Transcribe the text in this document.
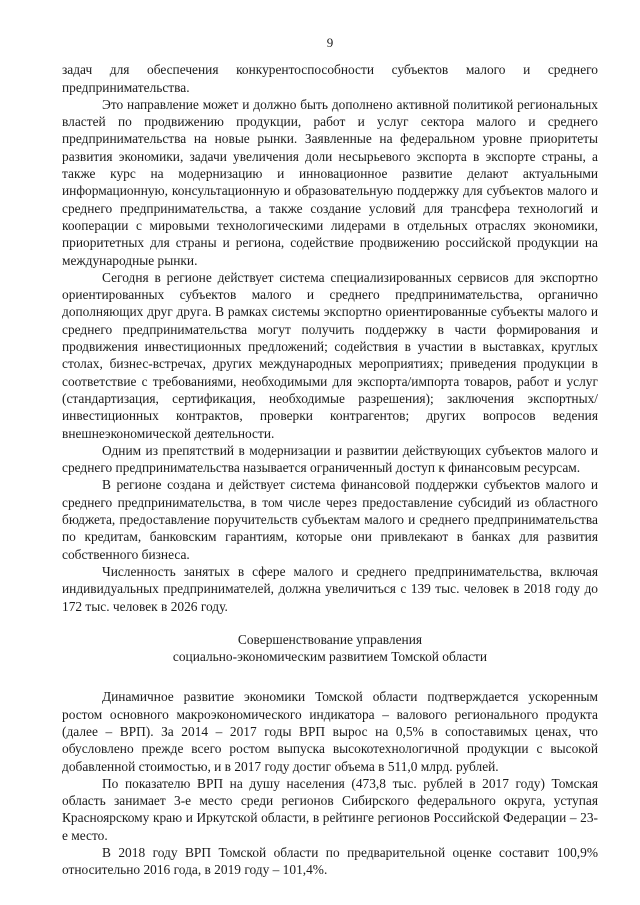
9

задач для обеспечения конкурентоспособности субъектов малого и среднего предпринимательства.

Это направление может и должно быть дополнено активной политикой региональных властей по продвижению продукции, работ и услуг сектора малого и среднего предпринимательства на новые рынки. Заявленные на федеральном уровне приоритеты развития экономики, задачи увеличения доли несырьевого экспорта в экспорте страны, а также курс на модернизацию и инновационное развитие делают актуальными информационную, консультационную и образовательную поддержку для субъектов малого и среднего предпринимательства, а также создание условий для трансфера технологий и кооперации с мировыми технологическими лидерами в отдельных отраслях экономики, приоритетных для страны и региона, содействие продвижению российской продукции на международные рынки.

Сегодня в регионе действует система специализированных сервисов для экспортно ориентированных субъектов малого и среднего предпринимательства, органично дополняющих друг друга. В рамках системы экспортно ориентированные субъекты малого и среднего предпринимательства могут получить поддержку в части формирования и продвижения инвестиционных предложений; содействия в участии в выставках, круглых столах, бизнес-встречах, других международных мероприятиях; приведения продукции в соответствие с требованиями, необходимыми для экспорта/импорта товаров, работ и услуг (стандартизация, сертификация, необходимые разрешения); заключения экспортных/инвестиционных контрактов, проверки контрагентов; других вопросов ведения внешнеэкономической деятельности.

Одним из препятствий в модернизации и развитии действующих субъектов малого и среднего предпринимательства называется ограниченный доступ к финансовым ресурсам.

В регионе создана и действует система финансовой поддержки субъектов малого и среднего предпринимательства, в том числе через предоставление субсидий из областного бюджета, предоставление поручительств субъектам малого и среднего предпринимательства по кредитам, банковским гарантиям, которые они привлекают в банках для развития собственного бизнеса.

Численность занятых в сфере малого и среднего предпринимательства, включая индивидуальных предпринимателей, должна увеличиться с 139 тыс. человек в 2018 году до 172 тыс. человек в 2026 году.

Совершенствование управления

социально-экономическим развитием Томской области

Динамичное развитие экономики Томской области подтверждается ускоренным ростом основного макроэкономического индикатора – валового регионального продукта (далее – ВРП). За 2014 – 2017 годы ВРП вырос на 0,5% в сопоставимых ценах, что обусловлено прежде всего ростом выпуска высокотехнологичной продукции с высокой добавленной стоимостью, и в 2017 году достиг объема в 511,0 млрд. рублей.

По показателю ВРП на душу населения (473,8 тыс. рублей в 2017 году) Томская область занимает 3-е место среди регионов Сибирского федерального округа, уступая Красноярскому краю и Иркутской области, в рейтинге регионов Российской Федерации – 23-е место.

В 2018 году ВРП Томской области по предварительной оценке составит 100,9% относительно 2016 года, в 2019 году – 101,4%.
